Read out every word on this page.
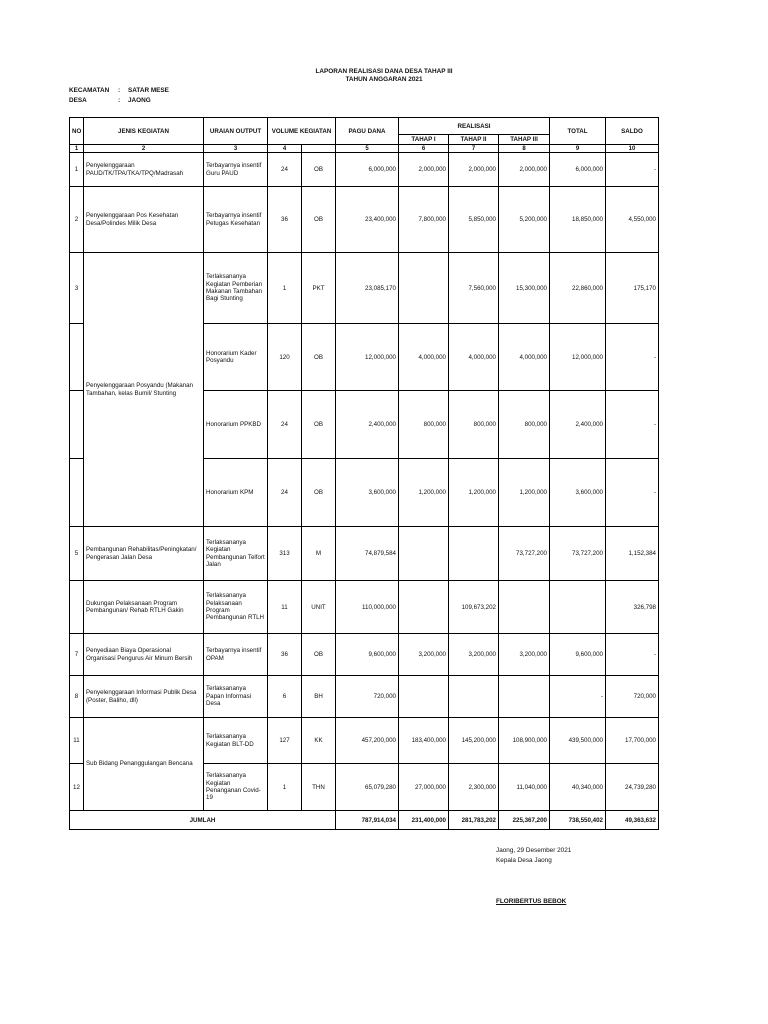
LAPORAN REALISASI DANA DESA TAHAP III
TAHUN ANGGARAN 2021
KECAMATAN : SATAR MESE
DESA	: JAONG
NO	JENIS KEGIATAN	URAIAN OUTPUT	VOLUME KEGIATAN		PAGU DANA	REALISASI			TOTAL	SALDO
						TAHAP I	TAHAP II	TAHAP III		
1	2	3	4		5	6	7	8	9	10
1	Penyelenggaraan PAUD/TK/TPA/TKA/TPQ/Madrasah	Terbayarnya insentif Guru PAUD	24	OB	6,000,000	2,000,000	2,000,000	2,000,000	6,000,000	-
2	Penyelenggaraan Pos Kesehatan Desa/Polindes Milik Desa	Terbayarnya insentif Petugas Kesehatan	36	OB	23,400,000	7,800,000	5,850,000	5,200,000	18,850,000	4,550,000
3	Penyelenggaraan Posyandu (Makanan Tambahan, kelas Bumil/ Stunting	Terlaksananya Kegiatan Pemberian Makanan Tambahan Bagi Stunting	1	PKT	23,085,170		7,560,000	15,300,000	22,860,000	175,170
		Honorarium Kader Posyandu	120	OB	12,000,000	4,000,000	4,000,000	4,000,000	12,000,000	-
		Honorarium PPKBD	24	OB	2,400,000	800,000	800,000	800,000	2,400,000	-
		Honorarium KPM	24	OB	3,600,000	1,200,000	1,200,000	1,200,000	3,600,000	-
5	Pembangunan Rehabilitas/Peningkatan/ Pengerasan Jalan Desa	Terlaksananya Kegiatan Pembangunan Telfort Jalan	313	M	74,879,584			73,727,200	73,727,200	1,152,384
	Dukungan Pelaksanaan Program Pembangunan/ Rehab RTLH Gakin	Terlaksananya Pelaksanaan Program Pembangunan RTLH	11	UNIT	110,000,000		109,673,202			326,798
7	Penyediaan Biaya Operasional Organisasi Pengurus Air Minum Bersih	Terbayarnya insentif OPAM	36	OB	9,600,000	3,200,000	3,200,000	3,200,000	9,600,000	-
8	Penyelenggaraan Informasi Publik Desa (Poster, Baliho, dll)	Terlaksananya Papan Informasi Desa	6	BH	720,000				-	720,000
11	Sub Bidang Penanggulangan Bencana	Terlaksananya Kegiatan BLT-DD	127	KK	457,200,000	183,400,000	145,200,000	108,900,000	439,500,000	17,700,000
12		Terlaksananya Kegiatan Penanganan Covid-19	1	THN	65,079,280	27,000,000	2,300,000	11,040,000	40,340,000	24,739,280
JUMLAH					787,914,034	231,400,000	281,783,202	225,367,200	738,550,402	49,363,632
Jaong, 29 Desember 2021
Kepala Desa Jaong
FLORIBERTUS BEBOK
